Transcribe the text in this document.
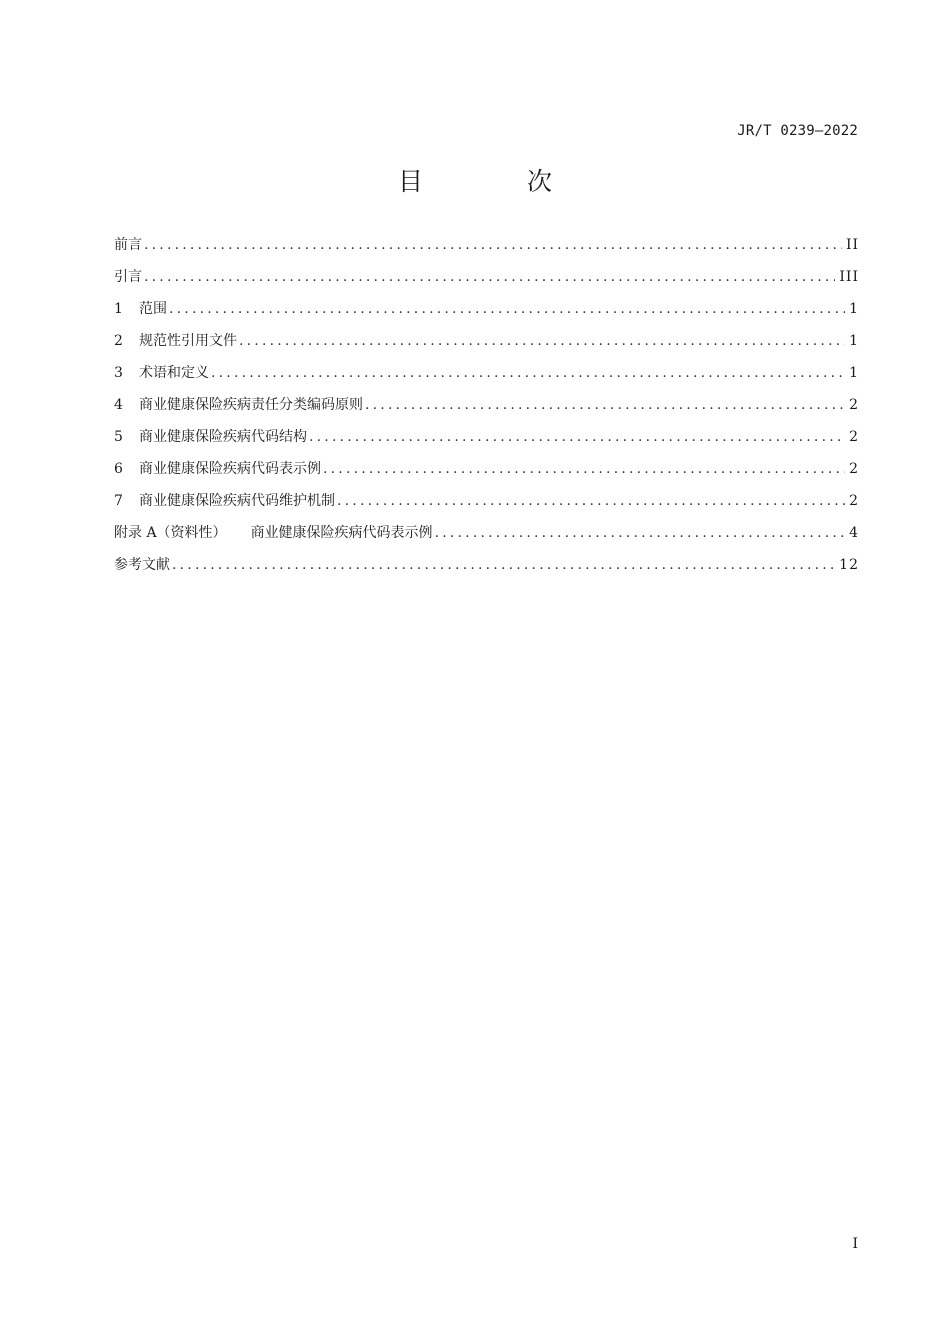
JR/T 0239—2022
目 次
前言 .....	II
引言 .....	III
1	范围 .....	1
2	规范性引用文件 .....	1
3	术语和定义 .....	1
4	商业健康保险疾病责任分类编码原则 .....	2
5	商业健康保险疾病代码结构 .....	2
6	商业健康保险疾病代码表示例 .....	2
7	商业健康保险疾病代码维护机制 .....	2
附录 A（资料性） 商业健康保险疾病代码表示例 .....	4
参考文献 .....	12
I
